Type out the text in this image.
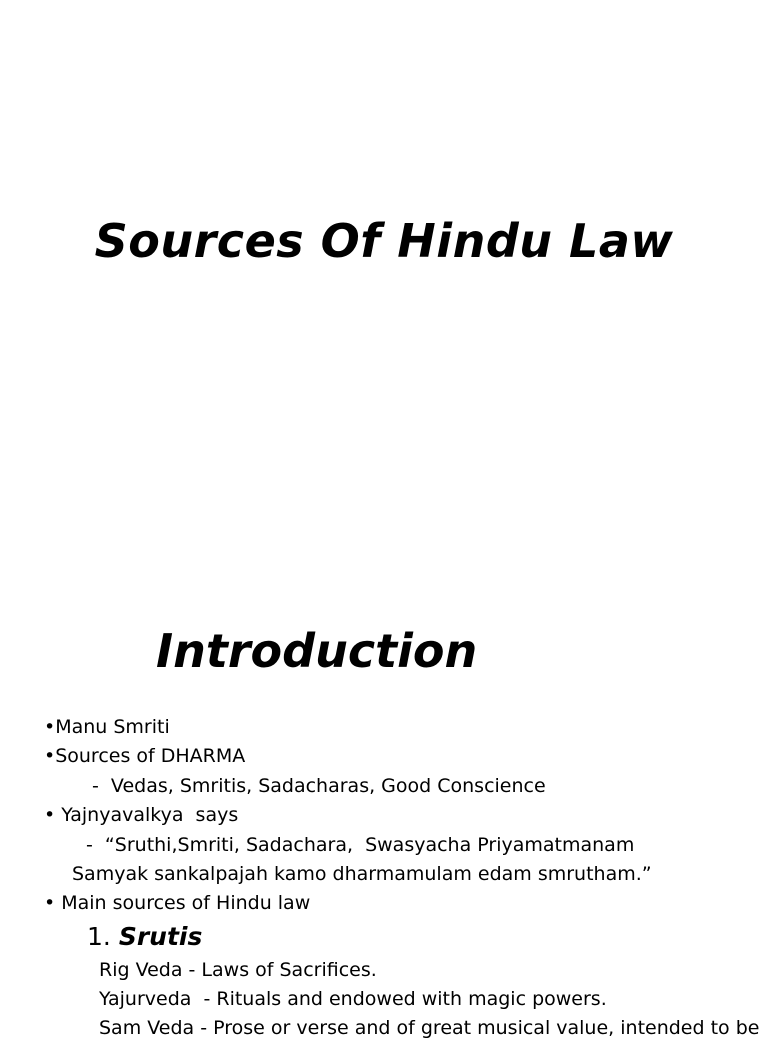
Sources Of Hindu Law
Introduction
•Manu Smriti
•Sources of DHARMA
-  Vedas, Smritis, Sadacharas, Good Conscience
• Yajnyavalkya  says
-  “Sruthi,Smriti, Sadachara,  Swasyacha Priyamatmanam
Samyak sankalpajah kamo dharmamulam edam smrutham.”
• Main sources of Hindu law
1. Srutis
Rig Veda - Laws of Sacrifices.
Yajurveda  - Rituals and endowed with magic powers.
Sam Veda - Prose or verse and of great musical value, intended to be
